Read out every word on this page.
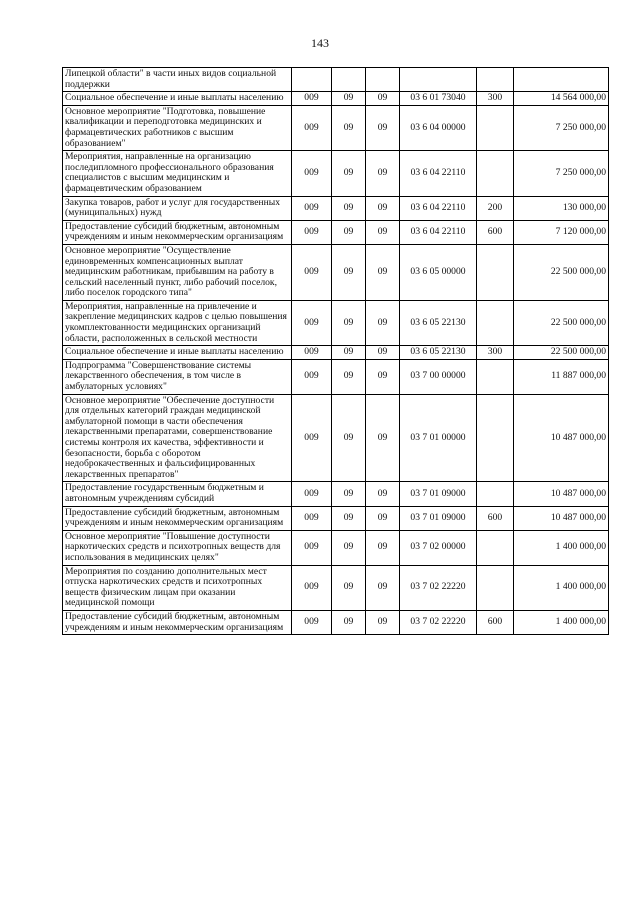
143
Липецкой области" в части иных видов социальной поддержки						
Социальное обеспечение и иные выплаты населению	009	09	09	03 6 01 73040	300	14 564 000,00
Основное мероприятие "Подготовка, повышение квалификации и переподготовка медицинских и фармацевтических работников с высшим образованием"	009	09	09	03 6 04 00000		7 250 000,00
Мероприятия, направленные на организацию последипломного профессионального образования специалистов с высшим медицинским и фармацевтическим образованием	009	09	09	03 6 04 22110		7 250 000,00
Закупка товаров, работ и услуг для государственных (муниципальных) нужд	009	09	09	03 6 04 22110	200	130 000,00
Предоставление субсидий бюджетным, автономным учреждениям и иным некоммерческим организациям	009	09	09	03 6 04 22110	600	7 120 000,00
Основное мероприятие "Осуществление единовременных компенсационных выплат медицинским работникам, прибывшим на работу в сельский населенный пункт, либо рабочий поселок, либо поселок городского типа"	009	09	09	03 6 05 00000		22 500 000,00
Мероприятия, направленные на привлечение и закрепление медицинских кадров с целью повышения укомплектованности медицинских организаций области, расположенных в сельской местности	009	09	09	03 6 05 22130		22 500 000,00
Социальное обеспечение и иные выплаты населению	009	09	09	03 6 05 22130	300	22 500 000,00
Подпрограмма "Совершенствование системы лекарственного обеспечения, в том числе в амбулаторных условиях"	009	09	09	03 7 00 00000		11 887 000,00
Основное мероприятие "Обеспечение доступности для отдельных категорий граждан медицинской амбулаторной помощи в части обеспечения лекарственными препаратами, совершенствование системы контроля их качества, эффективности и безопасности, борьба с оборотом недоброкачественных и фальсифицированных лекарственных препаратов"	009	09	09	03 7 01 00000		10 487 000,00
Предоставление государственным бюджетным и автономным учреждениям субсидий	009	09	09	03 7 01 09000		10 487 000,00
Предоставление субсидий бюджетным, автономным учреждениям и иным некоммерческим организациям	009	09	09	03 7 01 09000	600	10 487 000,00
Основное мероприятие "Повышение доступности наркотических средств и психотропных веществ для использования в медицинских целях"	009	09	09	03 7 02 00000		1 400 000,00
Мероприятия по созданию дополнительных мест отпуска наркотических средств и психотропных веществ физическим лицам при оказании медицинской помощи	009	09	09	03 7 02 22220		1 400 000,00
Предоставление субсидий бюджетным, автономным учреждениям и иным некоммерческим организациям	009	09	09	03 7 02 22220	600	1 400 000,00
